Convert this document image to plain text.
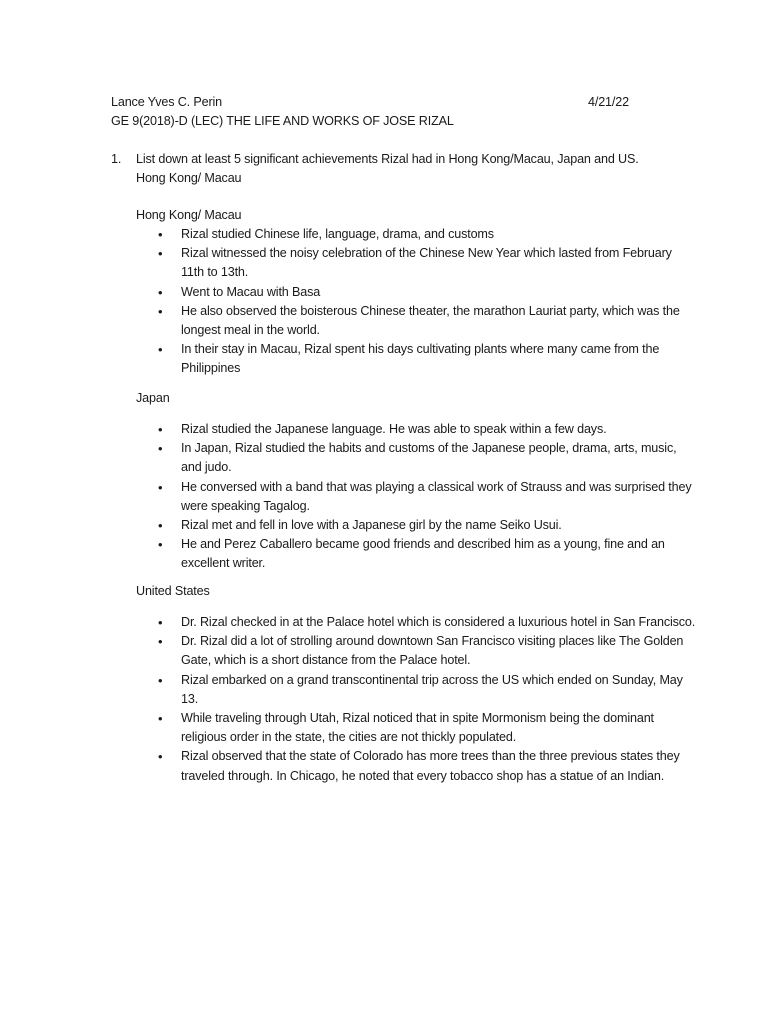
Lance Yves C. Perin	4/21/22
GE 9(2018)-D (LEC) THE LIFE AND WORKS OF JOSE RIZAL
1. List down at least 5 significant achievements Rizal had in Hong Kong/Macau, Japan and US.
Hong Kong/ Macau
Hong Kong/ Macau
• Rizal studied Chinese life, language, drama, and customs
• Rizal witnessed the noisy celebration of the Chinese New Year which lasted from February 11th to 13th.
• Went to Macau with Basa
• He also observed the boisterous Chinese theater, the marathon Lauriat party, which was the longest meal in the world.
• In their stay in Macau, Rizal spent his days cultivating plants where many came from the Philippines
Japan
• Rizal studied the Japanese language. He was able to speak within a few days.
• In Japan, Rizal studied the habits and customs of the Japanese people, drama, arts, music, and judo.
• He conversed with a band that was playing a classical work of Strauss and was surprised they were speaking Tagalog.
• Rizal met and fell in love with a Japanese girl by the name Seiko Usui.
• He and Perez Caballero became good friends and described him as a young, fine and an excellent writer.
United States
• Dr. Rizal checked in at the Palace hotel which is considered a luxurious hotel in San Francisco.
• Dr. Rizal did a lot of strolling around downtown San Francisco visiting places like The Golden Gate, which is a short distance from the Palace hotel.
• Rizal embarked on a grand transcontinental trip across the US which ended on Sunday, May 13.
• While traveling through Utah, Rizal noticed that in spite Mormonism being the dominant religious order in the state, the cities are not thickly populated.
• Rizal observed that the state of Colorado has more trees than the three previous states they traveled through. In Chicago, he noted that every tobacco shop has a statue of an Indian.
